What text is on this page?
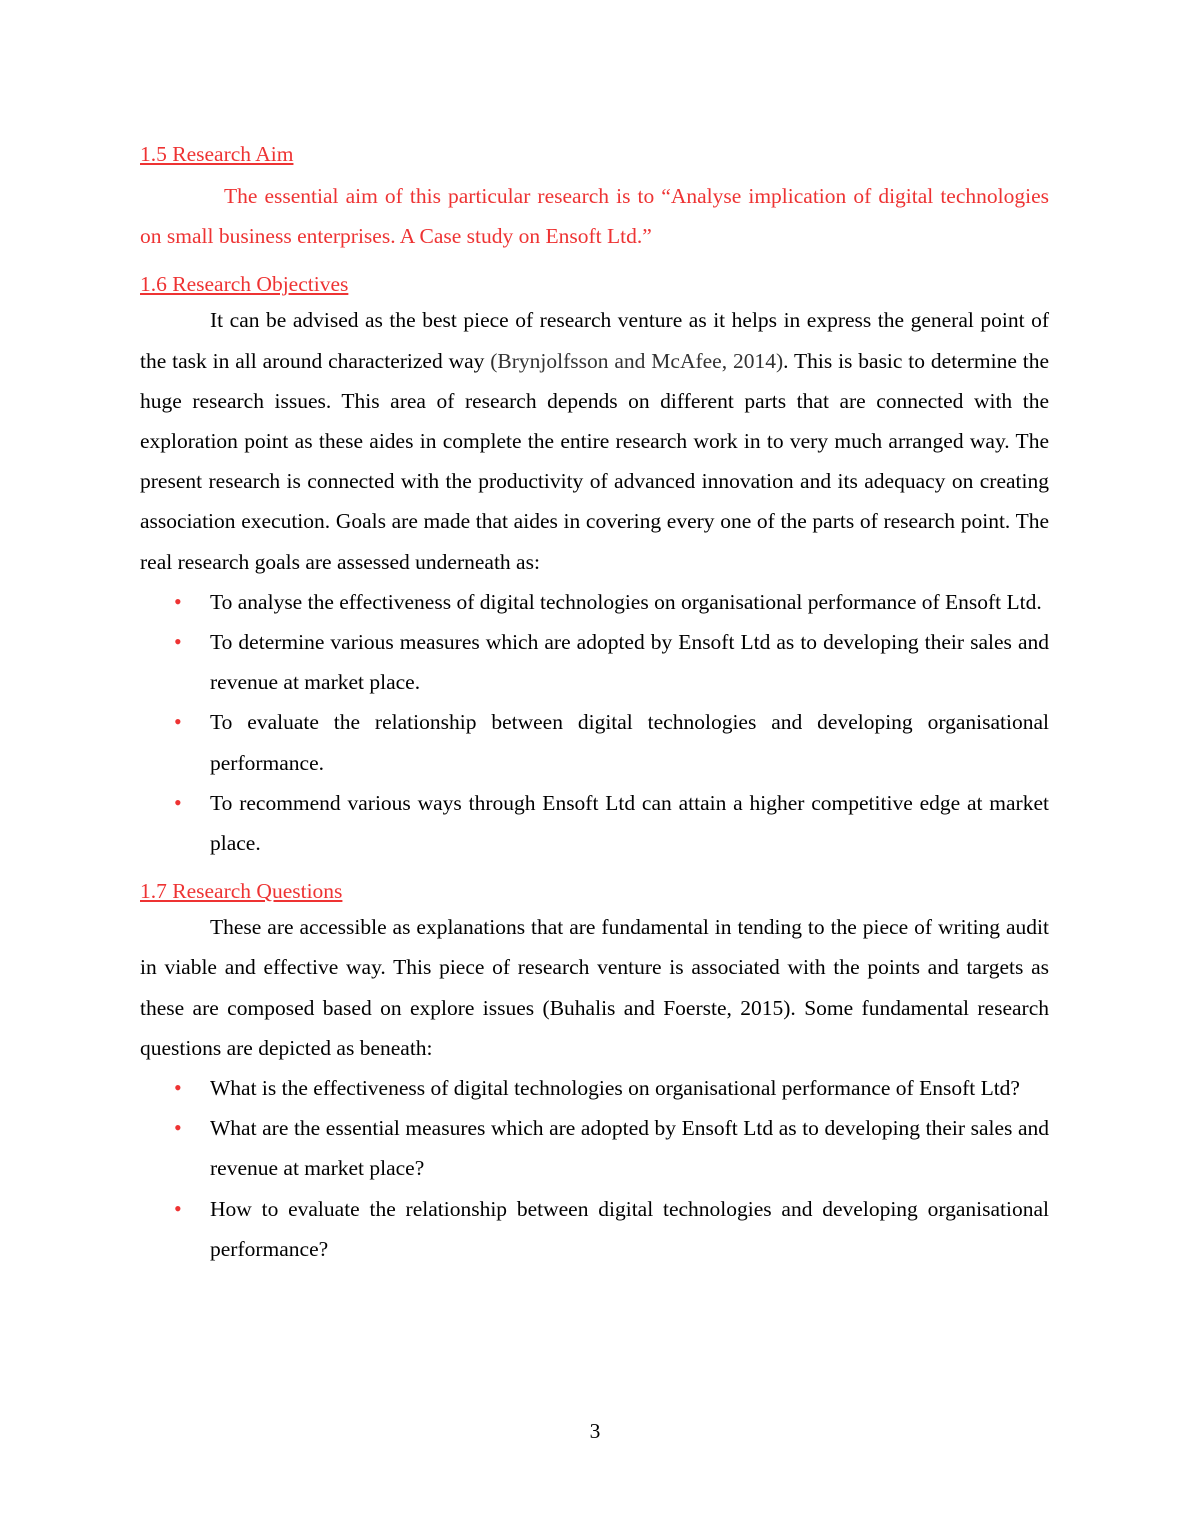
1.5 Research Aim

The essential aim of this particular research is to “Analyse implication of digital technologies on small business enterprises. A Case study on Ensoft Ltd.”

1.6 Research Objectives

It can be advised as the best piece of research venture as it helps in express the general point of the task in all around characterized way (Brynjolfsson and McAfee, 2014). This is basic to determine the huge research issues. This area of research depends on different parts that are connected with the exploration point as these aides in complete the entire research work in to very much arranged way. The present research is connected with the productivity of advanced innovation and its adequacy on creating association execution. Goals are made that aides in covering every one of the parts of research point. The real research goals are assessed underneath as:

• To analyse the effectiveness of digital technologies on organisational performance of Ensoft Ltd.
• To determine various measures which are adopted by Ensoft Ltd as to developing their sales and revenue at market place.
• To evaluate the relationship between digital technologies and developing organisational performance.
• To recommend various ways through Ensoft Ltd can attain a higher competitive edge at market place.
1.7 Research Questions

These are accessible as explanations that are fundamental in tending to the piece of writing audit in viable and effective way. This piece of research venture is associated with the points and targets as these are composed based on explore issues (Buhalis and Foerste, 2015). Some fundamental research questions are depicted as beneath:

• What is the effectiveness of digital technologies on organisational performance of Ensoft Ltd?
• What are the essential measures which are adopted by Ensoft Ltd as to developing their sales and revenue at market place?
• How to evaluate the relationship between digital technologies and developing organisational performance?
3
